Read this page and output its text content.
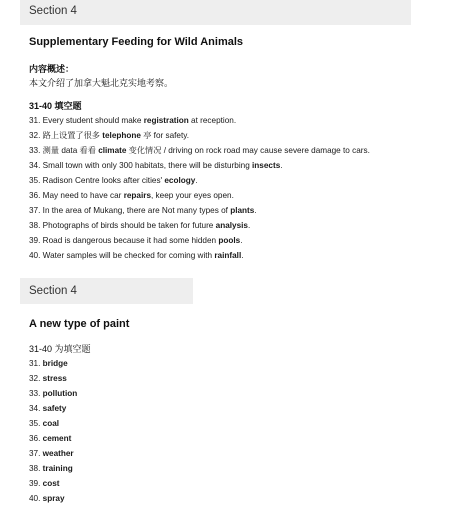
Section 4
Supplementary Feeding for Wild Animals
内容概述：
本文介绍了加拿大魁北克实地考察。
31-40 填空题
31. Every student should make registration at reception.
32. 路上设置了很多 telephone 亭 for safety.
33. 测量 data 看看 climate 变化情况 / driving on rock road may cause severe damage to cars.
34. Small town with only 300 habitats, there will be disturbing insects.
35. Radison Centre looks after cities' ecology.
36. May need to have car repairs, keep your eyes open.
37. In the area of Mukang, there are Not many types of plants.
38. Photographs of birds should be taken for future analysis.
39. Road is dangerous because it had some hidden pools.
40. Water samples will be checked for coming with rainfall.
Section 4
A new type of paint
31-40 为填空题
31. bridge
32. stress
33. pollution
34. safety
35. coal
36. cement
37. weather
38. training
39. cost
40. spray
